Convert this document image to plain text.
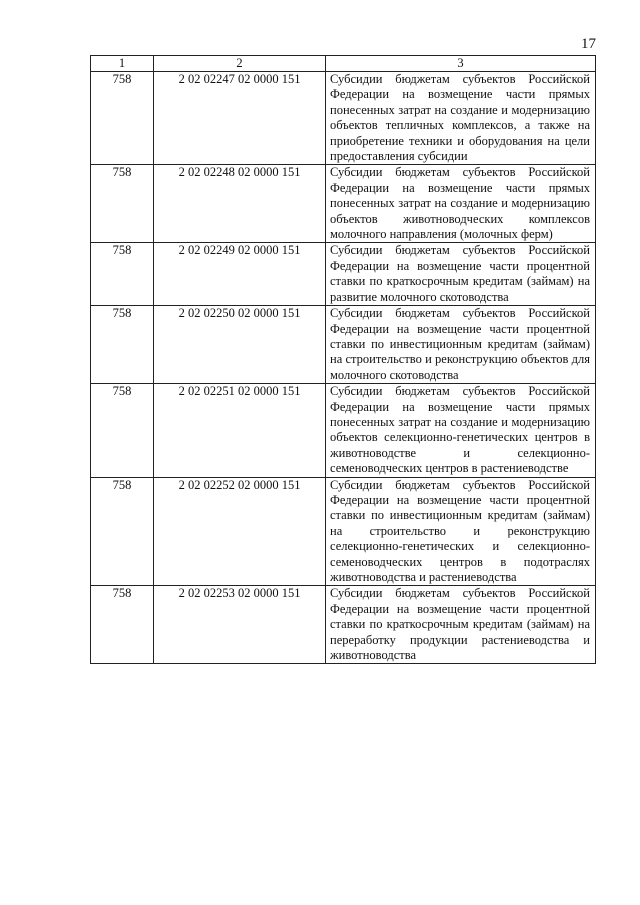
17
1	2	3
758	2 02 02247 02 0000 151	Субсидии бюджетам субъектов Российской Федерации на возмещение части прямых понесенных затрат на создание и модернизацию объектов тепличных комплексов, а также на приобретение техники и оборудования на цели предоставления субсидии
758	2 02 02248 02 0000 151	Субсидии бюджетам субъектов Российской Федерации на возмещение части прямых понесенных затрат на создание и модернизацию объектов животноводческих комплексов молочного направления (молочных ферм)
758	2 02 02249 02 0000 151	Субсидии бюджетам субъектов Российской Федерации на возмещение части процентной ставки по краткосрочным кредитам (займам) на развитие молочного скотоводства
758	2 02 02250 02 0000 151	Субсидии бюджетам субъектов Российской Федерации на возмещение части процентной ставки по инвестиционным кредитам (займам) на строительство и реконструкцию объектов для молочного скотоводства
758	2 02 02251 02 0000 151	Субсидии бюджетам субъектов Российской Федерации на возмещение части прямых понесенных затрат на создание и модернизацию объектов селекционно-генетических центров в животноводстве и селекционно-семеноводческих центров в растениеводстве
758	2 02 02252 02 0000 151	Субсидии бюджетам субъектов Российской Федерации на возмещение части процентной ставки по инвестиционным кредитам (займам) на строительство и реконструкцию селекционно-генетических и селекционно-семеноводческих центров в подотраслях животноводства и растениеводства
758	2 02 02253 02 0000 151	Субсидии бюджетам субъектов Российской Федерации на возмещение части процентной ставки по краткосрочным кредитам (займам) на переработку продукции растениеводства и животноводства
